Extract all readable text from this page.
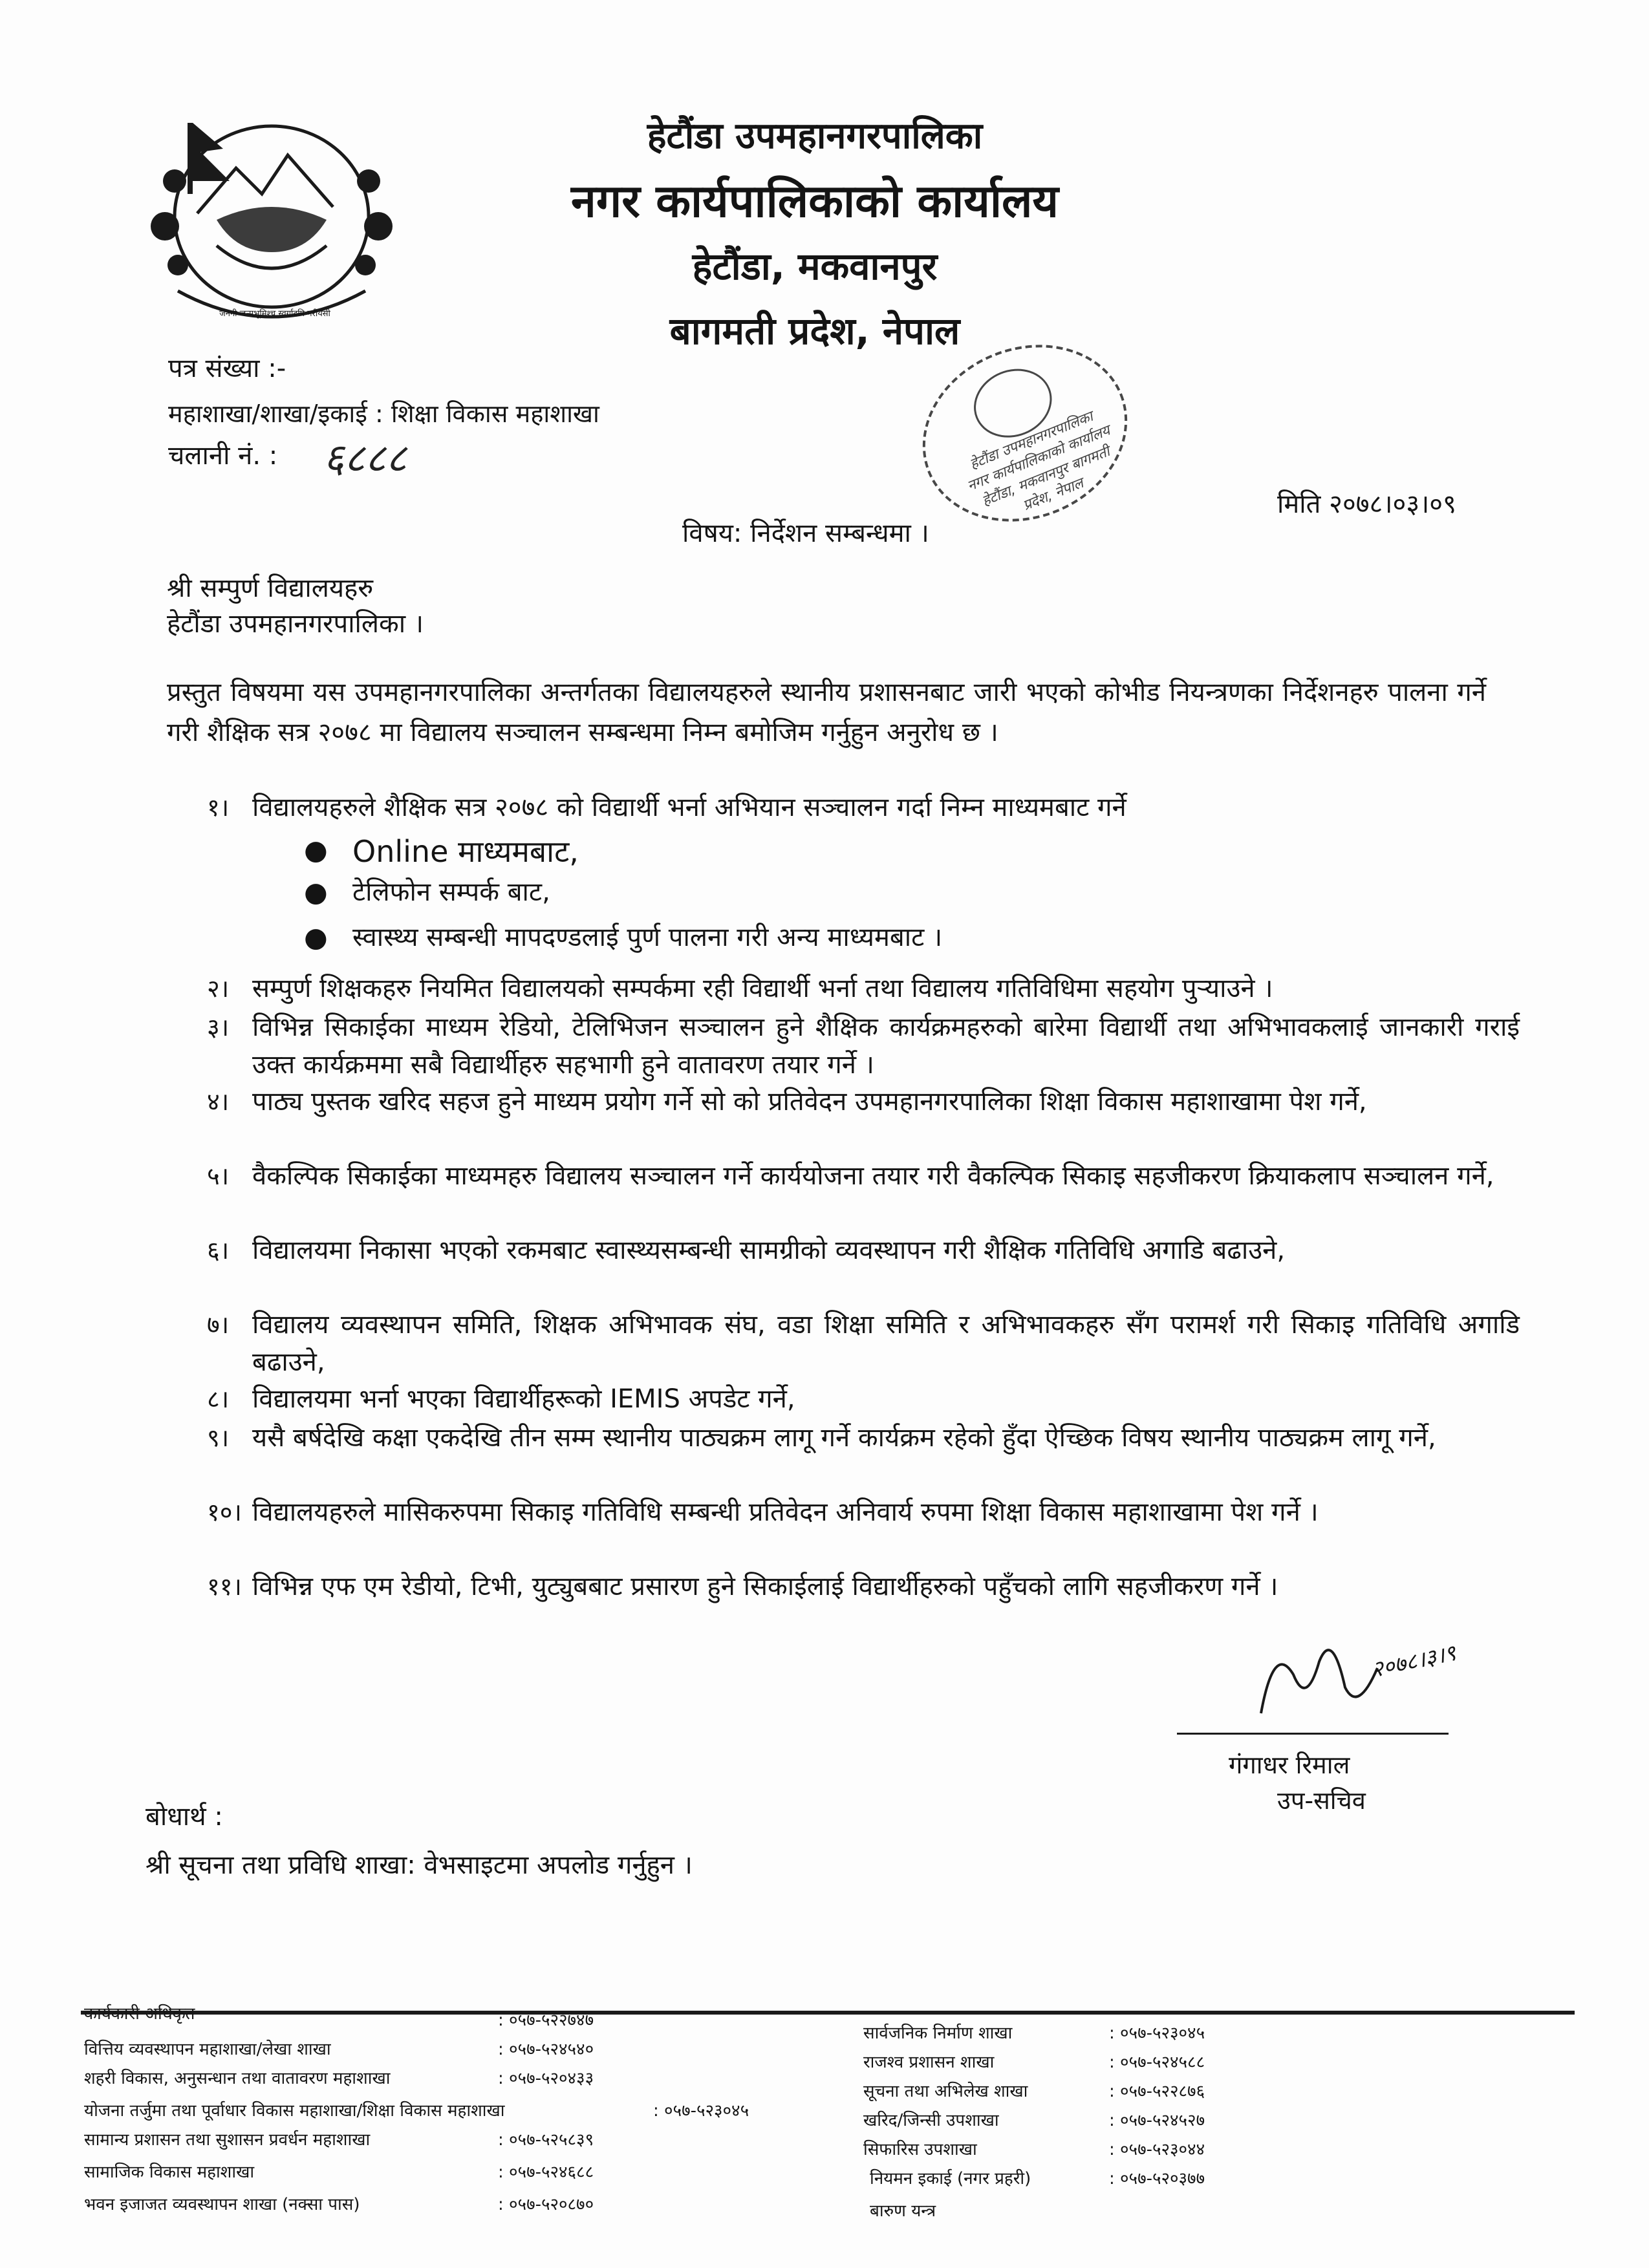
जननी जन्मभूमिश्च स्वर्गादपि गरीयसी
हेटौंडा उपमहानगरपालिका
नगर कार्यपालिकाको कार्यालय
हेटौंडा, मकवानपुर
बागमती प्रदेश, नेपाल
हेटौंडा उपमहानगरपालिका नगर कार्यपालिकाको कार्यालय हेटौंडा, मकवानपुर बागमती प्रदेश, नेपाल
पत्र संख्या :-
महाशाखा/शाखा/इकाई : शिक्षा विकास महाशाखा
चलानी नं. : ६८८८
मिति २०७८।०३।०९
विषय: निर्देशन सम्बन्धमा ।
श्री सम्पुर्ण विद्यालयहरु
हेटौंडा उपमहानगरपालिका ।
प्रस्तुत विषयमा यस उपमहानगरपालिका अन्तर्गतका विद्यालयहरुले स्थानीय प्रशासनबाट जारी भएको कोभीड नियन्त्रणका निर्देशनहरु पालना गर्ने गरी शैक्षिक सत्र २०७८ मा विद्यालय सञ्चालन सम्बन्धमा निम्न बमोजिम गर्नुहुन अनुरोध छ ।
१। विद्यालयहरुले शैक्षिक सत्र २०७८ को विद्यार्थी भर्ना अभियान सञ्चालन गर्दा निम्न माध्यमबाट गर्ने
● Online माध्यमबाट,
● टेलिफोन सम्पर्क बाट,
● स्वास्थ्य सम्बन्धी मापदण्डलाई पुर्ण पालना गरी अन्य माध्यमबाट ।
२। सम्पुर्ण शिक्षकहरु नियमित विद्यालयको सम्पर्कमा रही विद्यार्थी भर्ना तथा विद्यालय गतिविधिमा सहयोग पुऱ्याउने ।
३। विभिन्न सिकाईका माध्यम रेडियो, टेलिभिजन सञ्चालन हुने शैक्षिक कार्यक्रमहरुको बारेमा विद्यार्थी तथा अभिभावकलाई जानकारी गराई उक्त कार्यक्रममा सबै विद्यार्थीहरु सहभागी हुने वातावरण तयार गर्ने ।
४। पाठ्य पुस्तक खरिद सहज हुने माध्यम प्रयोग गर्ने सो को प्रतिवेदन उपमहानगरपालिका शिक्षा विकास महाशाखामा पेश गर्ने,
५। वैकल्पिक सिकाईका माध्यमहरु विद्यालय सञ्चालन गर्ने कार्ययोजना तयार गरी वैकल्पिक सिकाइ सहजीकरण क्रियाकलाप सञ्चालन गर्ने,
६। विद्यालयमा निकासा भएको रकमबाट स्वास्थ्यसम्बन्धी सामग्रीको व्यवस्थापन गरी शैक्षिक गतिविधि अगाडि बढाउने,
७। विद्यालय व्यवस्थापन समिति, शिक्षक अभिभावक संघ, वडा शिक्षा समिति र अभिभावकहरु सँग परामर्श गरी सिकाइ गतिविधि अगाडि बढाउने,
८। विद्यालयमा भर्ना भएका विद्यार्थीहरूको IEMIS अपडेट गर्ने,
९। यसै बर्षदेखि कक्षा एकदेखि तीन सम्म स्थानीय पाठ्यक्रम लागू गर्ने कार्यक्रम रहेको हुँदा ऐच्छिक विषय स्थानीय पाठ्यक्रम लागू गर्ने,
१०। विद्यालयहरुले मासिकरुपमा सिकाइ गतिविधि सम्बन्धी प्रतिवेदन अनिवार्य रुपमा शिक्षा विकास महाशाखामा पेश गर्ने ।
११। विभिन्न एफ एम रेडीयो, टिभी, युट्युबबाट प्रसारण हुने सिकाईलाई विद्यार्थीहरुको पहुँचको लागि सहजीकरण गर्ने ।
२०७८।३।९
गंगाधर रिमाल
उप-सचिव
बोधार्थ :
श्री सूचना तथा प्रविधि शाखा: वेभसाइटमा अपलोड गर्नुहुन ।
कार्यकारी अधिकृत	: ०५७-५२२७४७
वित्तिय व्यवस्थापन महाशाखा/लेखा शाखा	: ०५७-५२४५४०
शहरी विकास, अनुसन्धान तथा वातावरण महाशाखा	: ०५७-५२०४३३
योजना तर्जुमा तथा पूर्वाधार विकास महाशाखा/शिक्षा विकास महाशाखा	: ०५७-५२३०४५
सामान्य प्रशासन तथा सुशासन प्रवर्धन महाशाखा	: ०५७-५२५८३९
सामाजिक विकास महाशाखा	: ०५७-५२४६८८
भवन इजाजत व्यवस्थापन शाखा (नक्सा पास)	: ०५७-५२०८७०
सार्वजनिक निर्माण शाखा	: ०५७-५२३०४५
राजश्व प्रशासन शाखा	: ०५७-५२४५८८
सूचना तथा अभिलेख शाखा	: ०५७-५२२८७६
खरिद/जिन्सी उपशाखा	: ०५७-५२४५२७
सिफारिस उपशाखा	: ०५७-५२३०४४
नियमन इकाई (नगर प्रहरी)	: ०५७-५२०३७७
बारुण यन्त्र
